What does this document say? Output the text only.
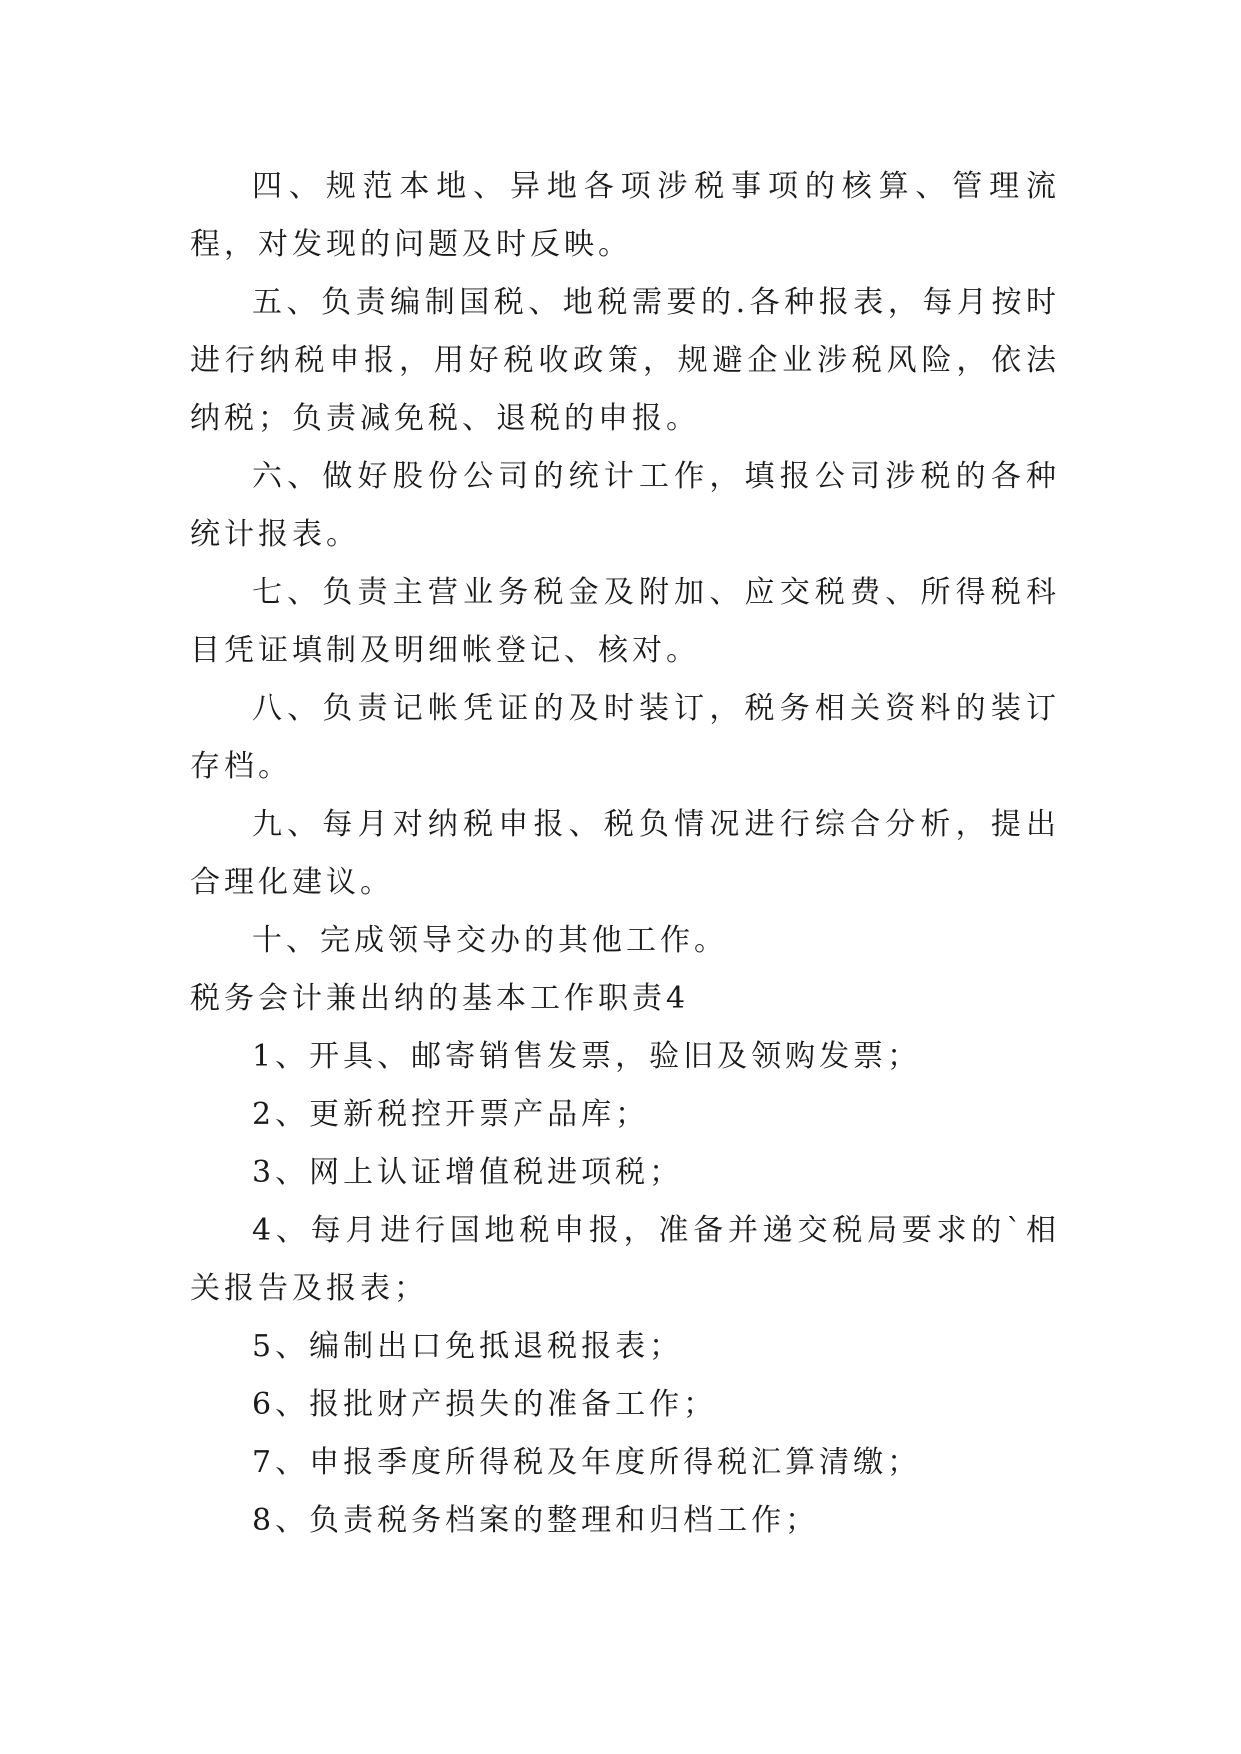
四、规范本地、异地各项涉税事项的核算、管理流程，对发现的问题及时反映。

五、负责编制国税、地税需要的.各种报表，每月按时进行纳税申报，用好税收政策，规避企业涉税风险，依法纳税；负责减免税、退税的申报。

六、做好股份公司的统计工作，填报公司涉税的各种统计报表。

七、负责主营业务税金及附加、应交税费、所得税科目凭证填制及明细帐登记、核对。

八、负责记帐凭证的及时装订，税务相关资料的装订存档。

九、每月对纳税申报、税负情况进行综合分析，提出合理化建议。

十、完成领导交办的其他工作。

税务会计兼出纳的基本工作职责4

1、开具、邮寄销售发票，验旧及领购发票；

2、更新税控开票产品库；

3、网上认证增值税进项税；

4、每月进行国地税申报，准备并递交税局要求的`相关报告及报表；

5、编制出口免抵退税报表；

6、报批财产损失的准备工作；

7、申报季度所得税及年度所得税汇算清缴；

8、负责税务档案的整理和归档工作；
